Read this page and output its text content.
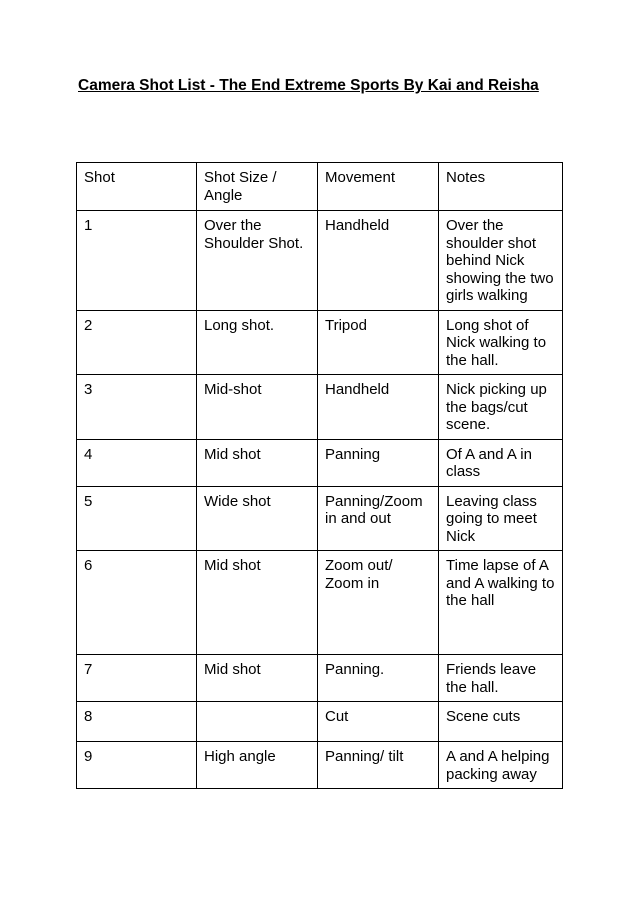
Camera Shot List - The End Extreme Sports By Kai and Reisha
Shot	Shot Size / Angle	Movement	Notes
1	Over the Shoulder Shot.	Handheld	Over the shoulder shot behind Nick showing the two girls walking
2	Long shot.	Tripod	Long shot of Nick walking to the hall.
3	Mid-shot	Handheld	Nick picking up the bags/cut scene.
4	Mid shot	Panning	Of A and A in class
5	Wide shot	Panning/Zoom in and out	Leaving class going to meet Nick
6	Mid shot	Zoom out/ Zoom in	Time lapse of A and A walking to the hall
7	Mid shot	Panning.	Friends leave the hall.
8		Cut	Scene cuts
9	High angle	Panning/ tilt	A and A helping packing away
